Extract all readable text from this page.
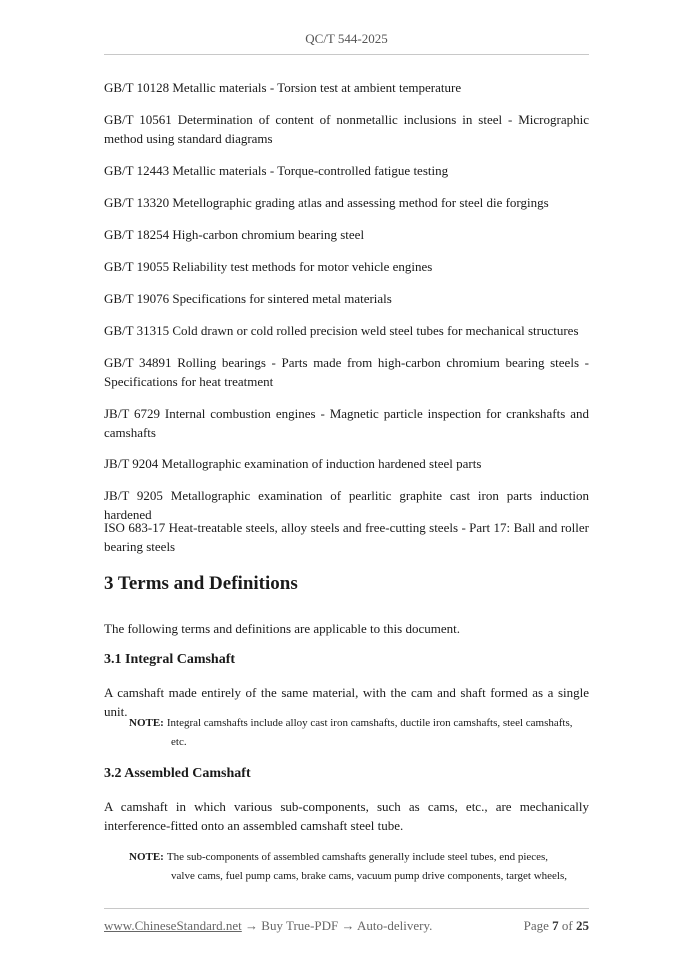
QC/T 544-2025
GB/T 10128 Metallic materials - Torsion test at ambient temperature
GB/T 10561 Determination of content of nonmetallic inclusions in steel - Micrographic method using standard diagrams
GB/T 12443 Metallic materials - Torque-controlled fatigue testing
GB/T 13320 Metellographic grading atlas and assessing method for steel die forgings
GB/T 18254 High-carbon chromium bearing steel
GB/T 19055 Reliability test methods for motor vehicle engines
GB/T 19076 Specifications for sintered metal materials
GB/T 31315 Cold drawn or cold rolled precision weld steel tubes for mechanical structures
GB/T 34891 Rolling bearings - Parts made from high-carbon chromium bearing steels - Specifications for heat treatment
JB/T 6729 Internal combustion engines - Magnetic particle inspection for crankshafts and camshafts
JB/T 9204 Metallographic examination of induction hardened steel parts
JB/T 9205 Metallographic examination of pearlitic graphite cast iron parts induction hardened
ISO 683-17 Heat-treatable steels, alloy steels and free-cutting steels - Part 17: Ball and roller bearing steels
3 Terms and Definitions
The following terms and definitions are applicable to this document.
3.1 Integral Camshaft
A camshaft made entirely of the same material, with the cam and shaft formed as a single unit.
NOTE: Integral camshafts include alloy cast iron camshafts, ductile iron camshafts, steel camshafts,
etc.
3.2 Assembled Camshaft
A camshaft in which various sub-components, such as cams, etc., are mechanically interference-fitted onto an assembled camshaft steel tube.
NOTE: The sub-components of assembled camshafts generally include steel tubes, end pieces,
valve cams, fuel pump cams, brake cams, vacuum pump drive components, target wheels,
www.ChineseStandard.net → Buy True-PDF → Auto-delivery.	Page 7 of 25
